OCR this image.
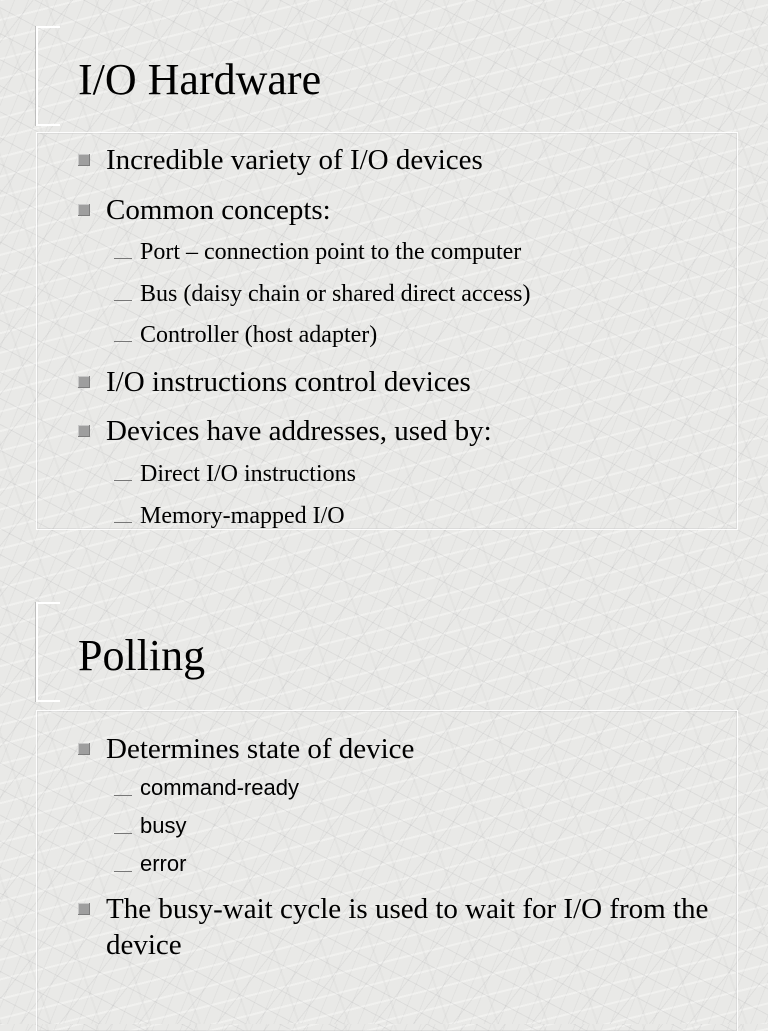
I/O Hardware
Incredible variety of I/O devices
Common concepts:
Port – connection point to the computer
Bus (daisy chain or shared direct access)
Controller (host adapter)
I/O instructions control devices
Devices have addresses, used by:
Direct I/O instructions
Memory-mapped I/O
Polling
Determines state of device
command-ready
busy
error
The busy-wait cycle is used to wait for I/O from the device
